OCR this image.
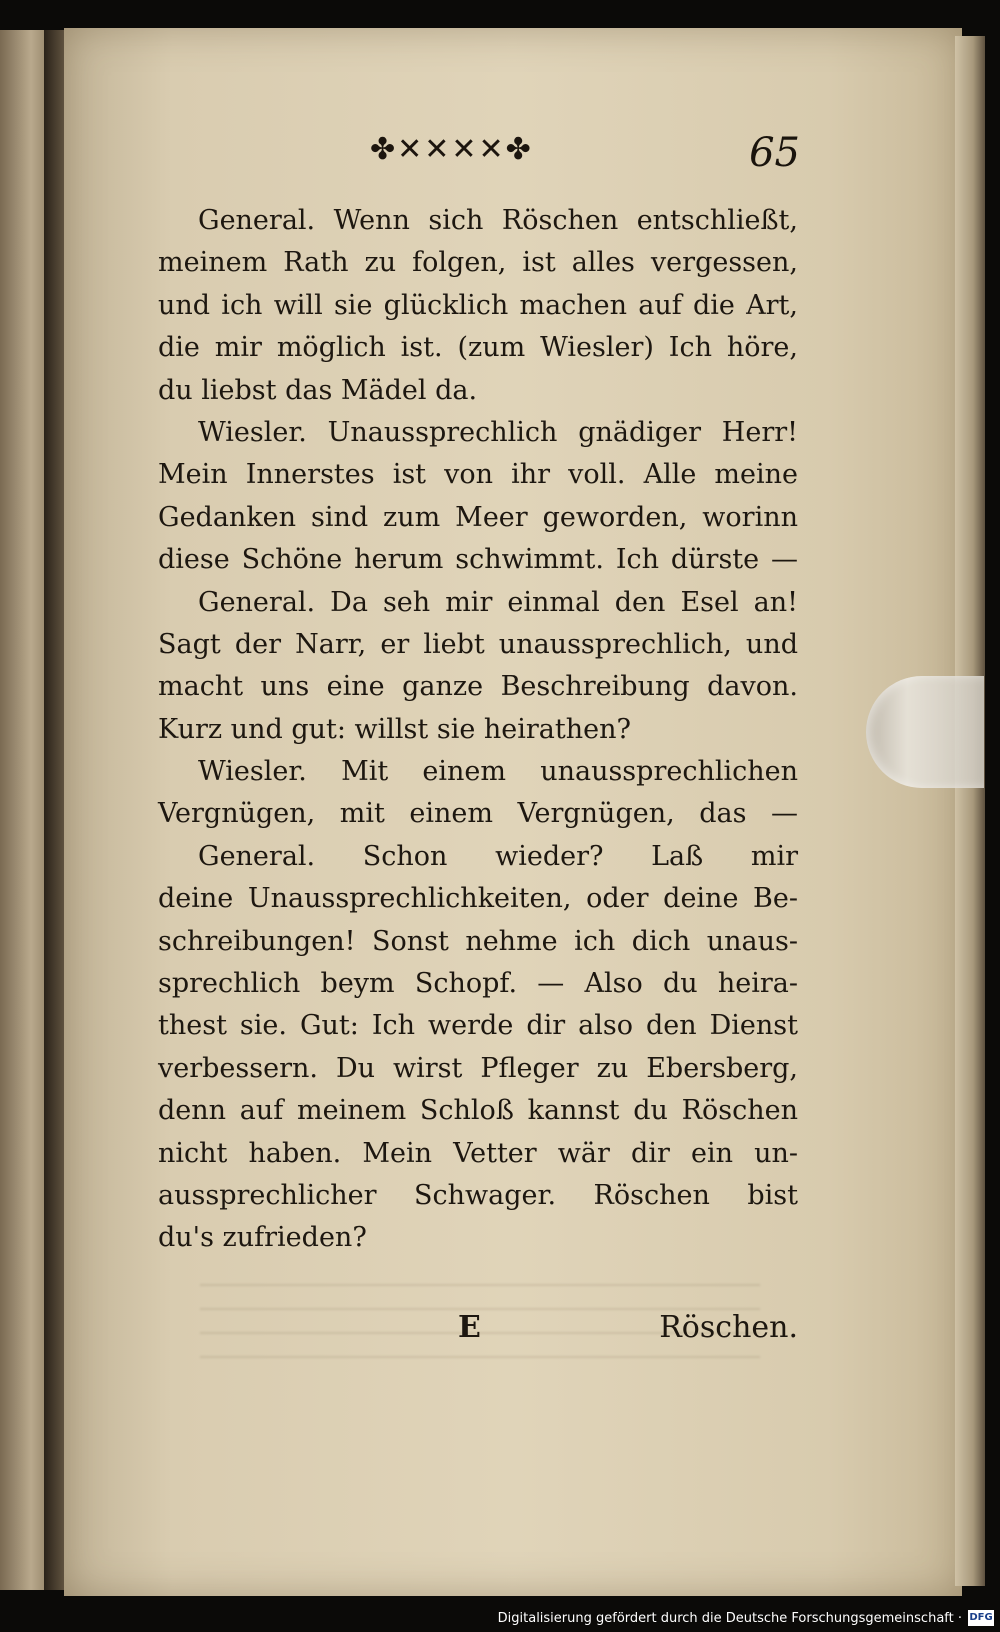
✤✕✕✕✕✤	65
General. Wenn sich Röschen entschließt,
meinem Rath zu folgen, ist alles vergessen,
und ich will sie glücklich machen auf die Art,
die mir möglich ist. (zum Wiesler) Ich höre,
du liebst das Mädel da.
Wiesler. Unaussprechlich gnädiger Herr!
Mein Innerstes ist von ihr voll. Alle meine
Gedanken sind zum Meer geworden, worinn
diese Schöne herum schwimmt. Ich dürste —
General. Da seh mir einmal den Esel an!
Sagt der Narr, er liebt unaussprechlich, und
macht uns eine ganze Beschreibung davon.
Kurz und gut: willst sie heirathen?
Wiesler. Mit einem unaussprechlichen
Vergnügen, mit einem Vergnügen, das —
General. Schon wieder? Laß mir
deine Unaussprechlichkeiten, oder deine Be-
schreibungen! Sonst nehme ich dich unaus-
sprechlich beym Schopf. — Also du heira-
thest sie. Gut: Ich werde dir also den Dienst
verbessern. Du wirst Pfleger zu Ebersberg,
denn auf meinem Schloß kannst du Röschen
nicht haben. Mein Vetter wär dir ein un-
aussprechlicher Schwager. Röschen bist
du's zufrieden?
E	Röschen.
Digitalisierung gefördert durch die Deutsche Forschungsgemeinschaft · DFG
